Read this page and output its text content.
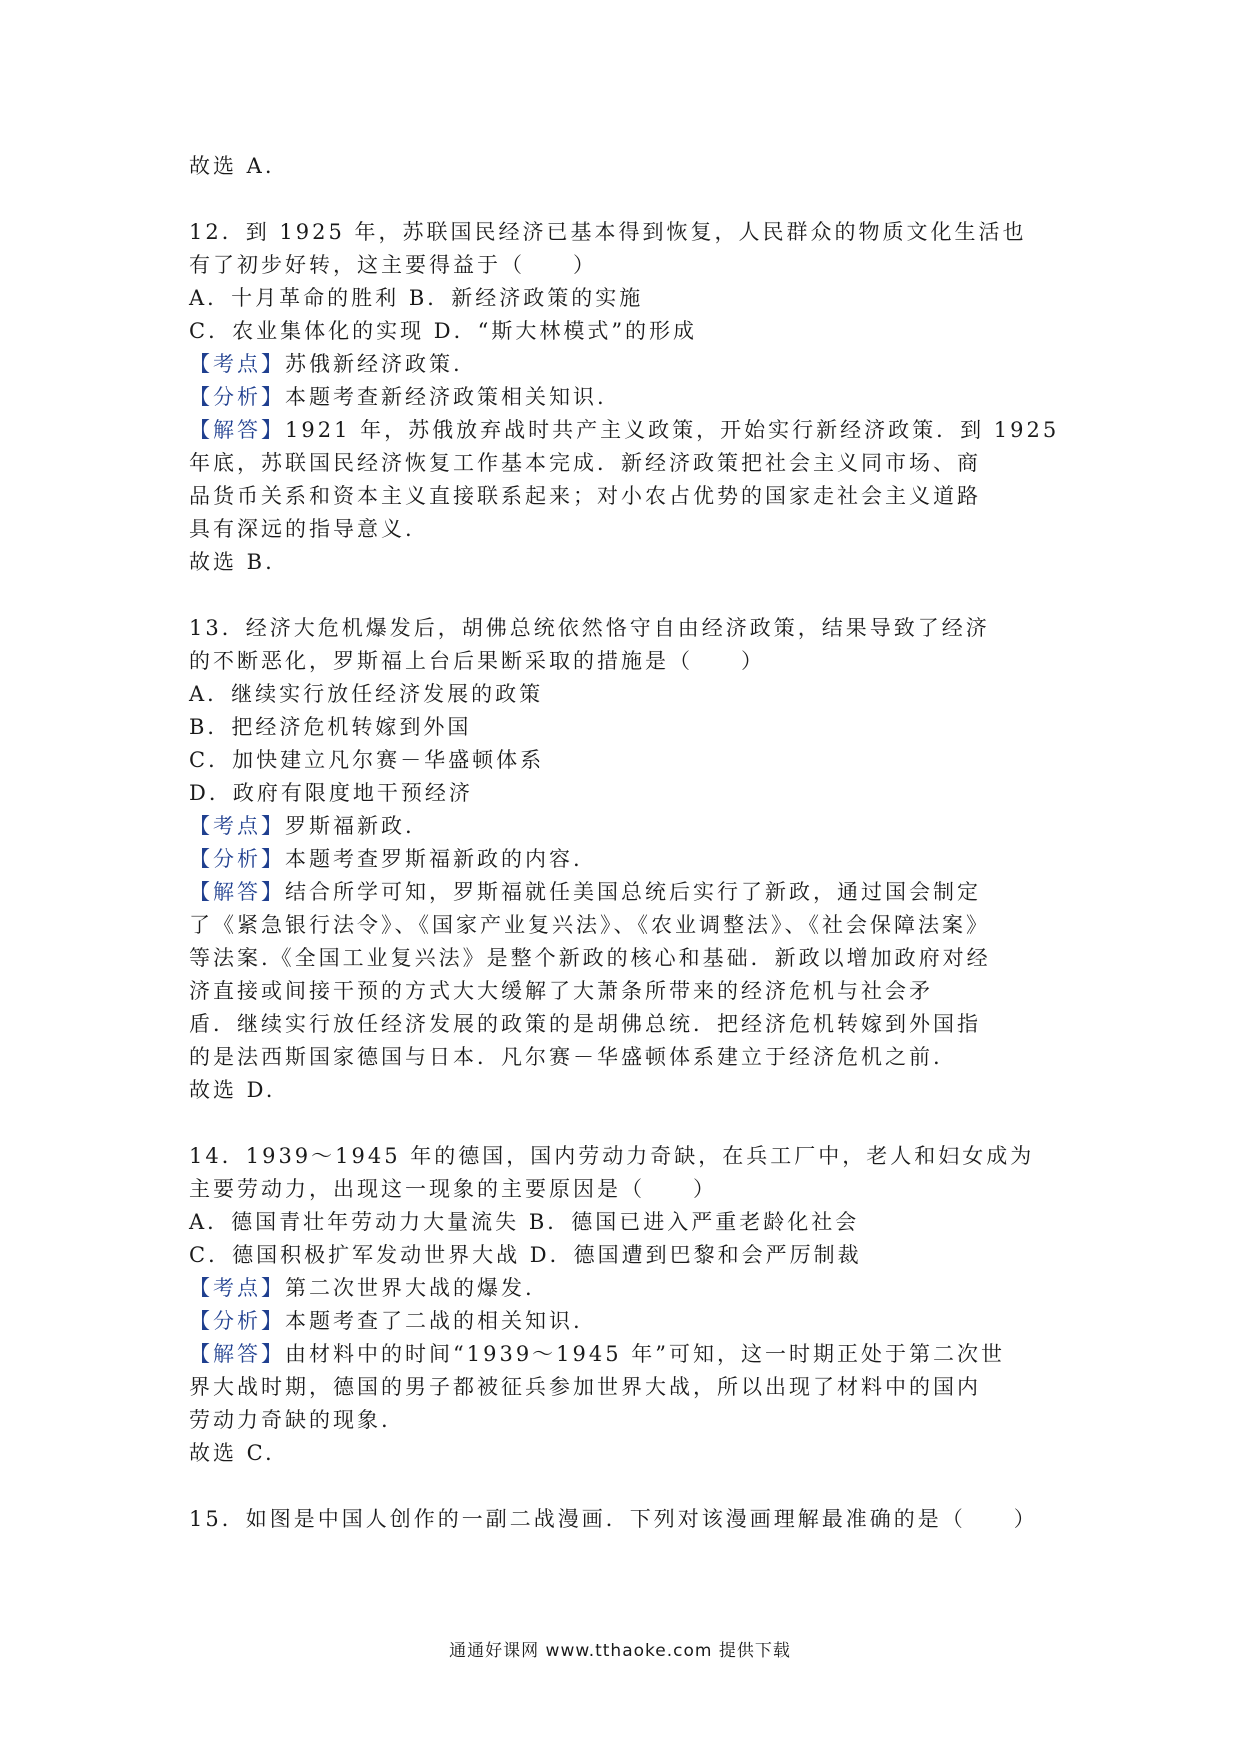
故选 A.
12．到 1925 年，苏联国民经济已基本得到恢复，人民群众的物质文化生活也
有了初步好转，这主要得益于（　　）
A．十月革命的胜利 B．新经济政策的实施
C．农业集体化的实现 D．“斯大林模式”的形成
【考点】苏俄新经济政策.
【分析】本题考查新经济政策相关知识.
【解答】1921 年，苏俄放弃战时共产主义政策，开始实行新经济政策．到 1925
年底，苏联国民经济恢复工作基本完成．新经济政策把社会主义同市场、商
品货币关系和资本主义直接联系起来；对小农占优势的国家走社会主义道路
具有深远的指导意义.
故选 B.
13．经济大危机爆发后，胡佛总统依然恪守自由经济政策，结果导致了经济
的不断恶化，罗斯福上台后果断采取的措施是（　　）
A．继续实行放任经济发展的政策
B．把经济危机转嫁到外国
C．加快建立凡尔赛－华盛顿体系
D．政府有限度地干预经济
【考点】罗斯福新政.
【分析】本题考查罗斯福新政的内容.
【解答】结合所学可知，罗斯福就任美国总统后实行了新政，通过国会制定
了《紧急银行法令》、《国家产业复兴法》、《农业调整法》、《社会保障法案》
等法案.《全国工业复兴法》是整个新政的核心和基础．新政以增加政府对经
济直接或间接干预的方式大大缓解了大萧条所带来的经济危机与社会矛
盾．继续实行放任经济发展的政策的是胡佛总统．把经济危机转嫁到外国指
的是法西斯国家德国与日本．凡尔赛－华盛顿体系建立于经济危机之前.
故选 D.
14．1939～1945 年的德国，国内劳动力奇缺，在兵工厂中，老人和妇女成为
主要劳动力，出现这一现象的主要原因是（　　）
A．德国青壮年劳动力大量流失 B．德国已进入严重老龄化社会
C．德国积极扩军发动世界大战 D．德国遭到巴黎和会严厉制裁
【考点】第二次世界大战的爆发.
【分析】本题考查了二战的相关知识.
【解答】由材料中的时间“1939～1945 年”可知，这一时期正处于第二次世
界大战时期，德国的男子都被征兵参加世界大战，所以出现了材料中的国内
劳动力奇缺的现象.
故选 C.
15．如图是中国人创作的一副二战漫画．下列对该漫画理解最准确的是（　　）
通通好课网 www.tthaoke.com 提供下载
